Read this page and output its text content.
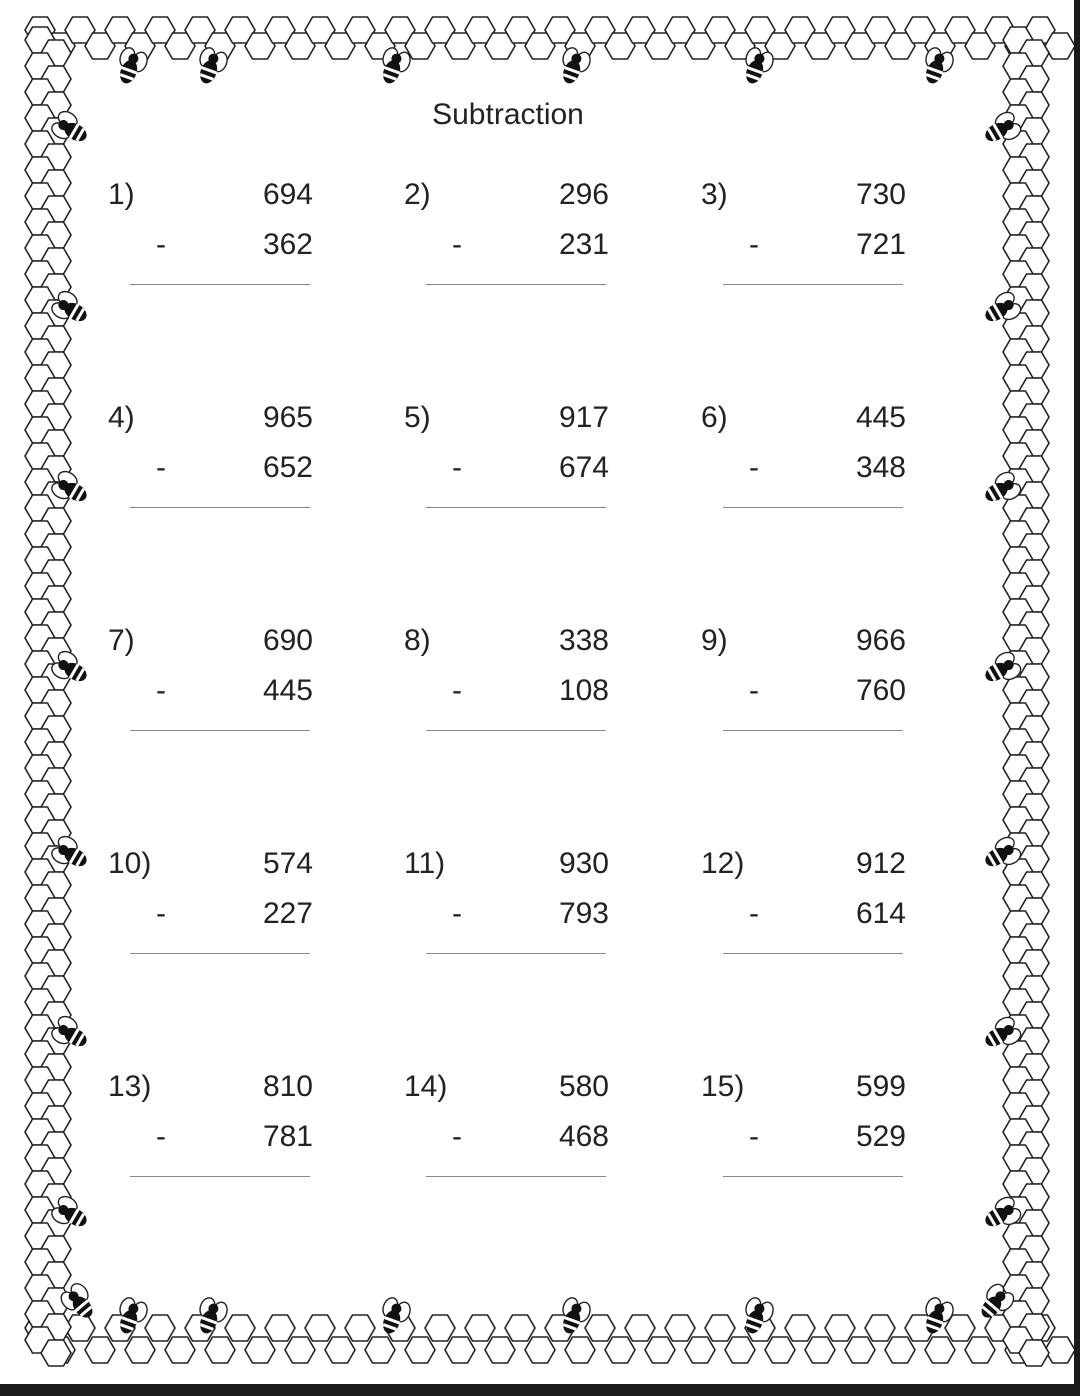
Subtraction
1)	694
-	362
2)	296
-	231
3)	730
-	721
4)	965
-	652
5)	917
-	674
6)	445
-	348
7)	690
-	445
8)	338
-	108
9)	966
-	760
10)	574
-	227
11)	930
-	793
12)	912
-	614
13)	810
-	781
14)	580
-	468
15)	599
-	529
